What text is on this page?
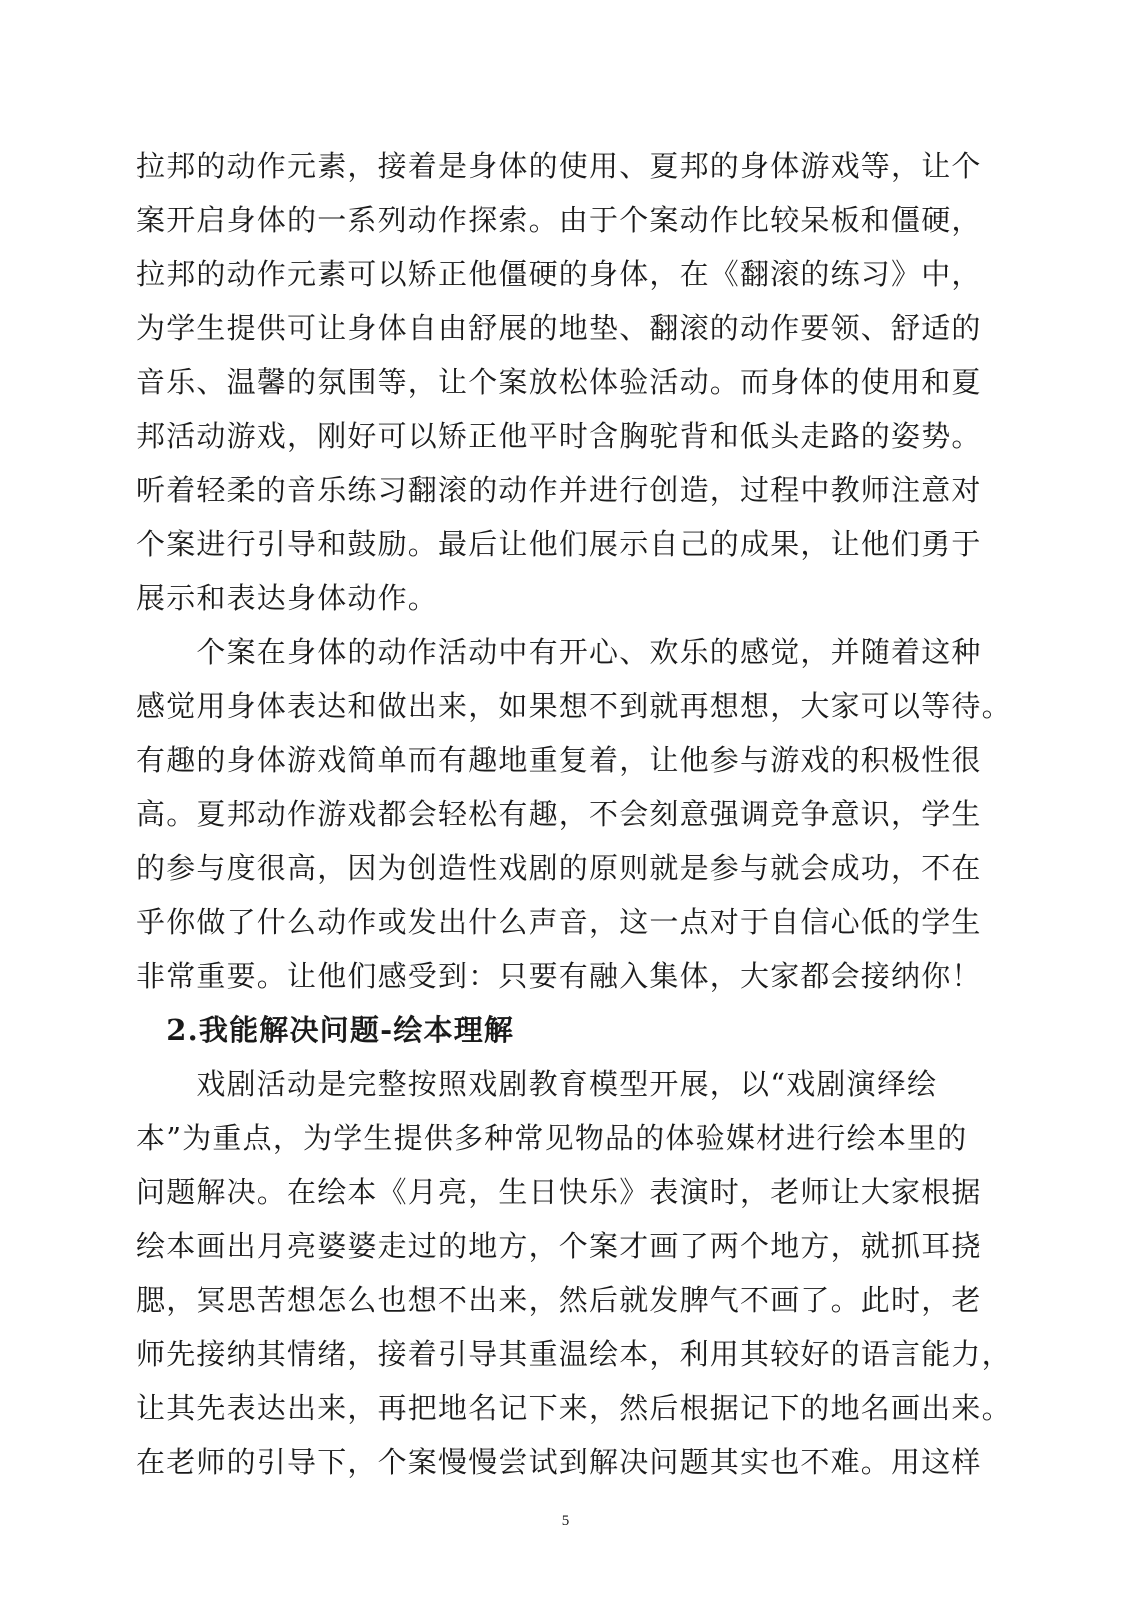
拉邦的动作元素，接着是身体的使用、夏邦的身体游戏等，让个
案开启身体的一系列动作探索。由于个案动作比较呆板和僵硬，
拉邦的动作元素可以矫正他僵硬的身体，在《翻滚的练习》中，
为学生提供可让身体自由舒展的地垫、翻滚的动作要领、舒适的
音乐、温馨的氛围等，让个案放松体验活动。而身体的使用和夏
邦活动游戏，刚好可以矫正他平时含胸驼背和低头走路的姿势。
听着轻柔的音乐练习翻滚的动作并进行创造，过程中教师注意对
个案进行引导和鼓励。最后让他们展示自己的成果，让他们勇于
展示和表达身体动作。
　　个案在身体的动作活动中有开心、欢乐的感觉，并随着这种
感觉用身体表达和做出来，如果想不到就再想想，大家可以等待。
有趣的身体游戏简单而有趣地重复着，让他参与游戏的积极性很
高。夏邦动作游戏都会轻松有趣，不会刻意强调竞争意识，学生
的参与度很高，因为创造性戏剧的原则就是参与就会成功，不在
乎你做了什么动作或发出什么声音，这一点对于自信心低的学生
非常重要。让他们感受到：只要有融入集体，大家都会接纳你！
　2.我能解决问题-绘本理解
　　戏剧活动是完整按照戏剧教育模型开展，以“戏剧演绎绘
本”为重点，为学生提供多种常见物品的体验媒材进行绘本里的
问题解决。在绘本《月亮，生日快乐》表演时，老师让大家根据
绘本画出月亮婆婆走过的地方，个案才画了两个地方，就抓耳挠
腮，冥思苦想怎么也想不出来，然后就发脾气不画了。此时，老
师先接纳其情绪，接着引导其重温绘本，利用其较好的语言能力，
让其先表达出来，再把地名记下来，然后根据记下的地名画出来。
在老师的引导下，个案慢慢尝试到解决问题其实也不难。用这样
5
